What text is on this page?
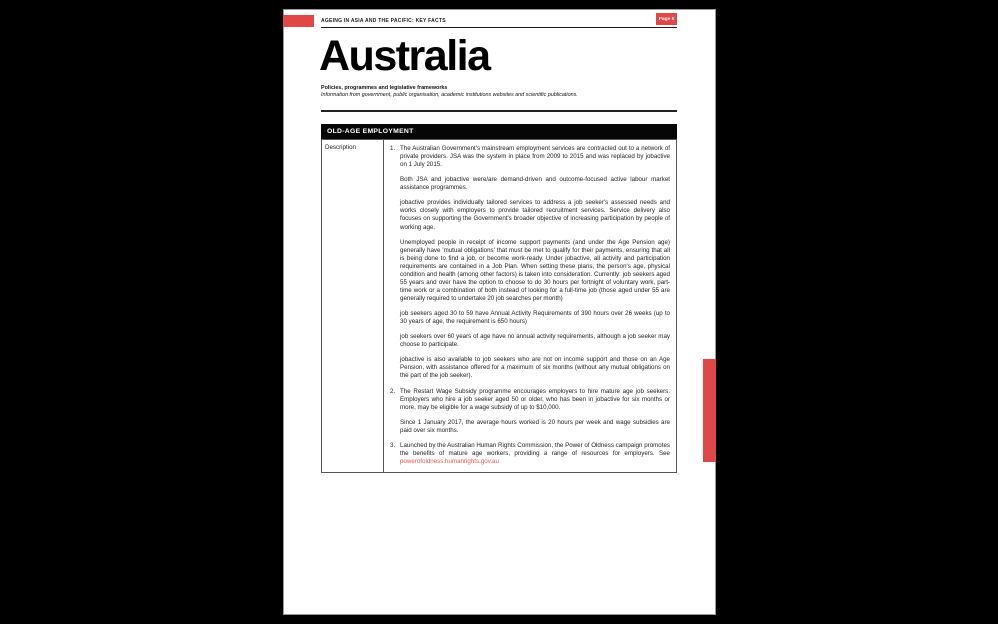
AGEING IN ASIA AND THE PACIFIC: KEY FACTS	Page 5
Australia
Policies, programmes and legislative frameworks
Information from government, public organisation, academic institutions websites and scientific publications.
OLD-AGE EMPLOYMENT
Description	1. The Australian Government's mainstream employment services are contracted out to a network of private providers. JSA was the system in place from 2009 to 2015 and was replaced by jobactive on 1 July 2015.

Both JSA and jobactive were/are demand-driven and outcome-focused active labour market assistance programmes.

jobactive provides individually tailored services to address a job seeker's assessed needs and works closely with employers to provide tailored recruitment services. Service delivery also focuses on supporting the Government's broader objective of increasing participation by people of working age.

Unemployed people in receipt of income support payments (and under the Age Pension age) generally have 'mutual obligations' that must be met to qualify for their payments, ensuring that all is being done to find a job, or become work-ready. Under jobactive, all activity and participation requirements are contained in a Job Plan. When setting these plans, the person's age, physical condition and health (among other factors) is taken into consideration. Currently: job seekers aged 55 years and over have the option to choose to do 30 hours per fortnight of voluntary work, part-time work or a combination of both instead of looking for a full-time job (those aged under 55 are generally required to undertake 20 job searches per month)

job seekers aged 30 to 59 have Annual Activity Requirements of 390 hours over 26 weeks (up to 30 years of age, the requirement is 650 hours)

job seekers over 60 years of age have no annual activity requirements, although a job seeker may choose to participate.

jobactive is also available to job seekers who are not on income support and those on an Age Pension, with assistance offered for a maximum of six months (without any mutual obligations on the part of the job seeker).

2. The Restart Wage Subsidy programme encourages employers to hire mature age job seekers. Employers who hire a job seeker aged 50 or older, who has been in jobactive for six months or more, may be eligible for a wage subsidy of up to $10,000.

Since 1 January 2017, the average hours worked is 20 hours per week and wage subsidies are paid over six months.

3. Launched by the Australian Human Rights Commission, the Power of Oldness campaign promotes the benefits of mature age workers, providing a range of resources for employers. See powerofoldness.humanrights.gov.au
